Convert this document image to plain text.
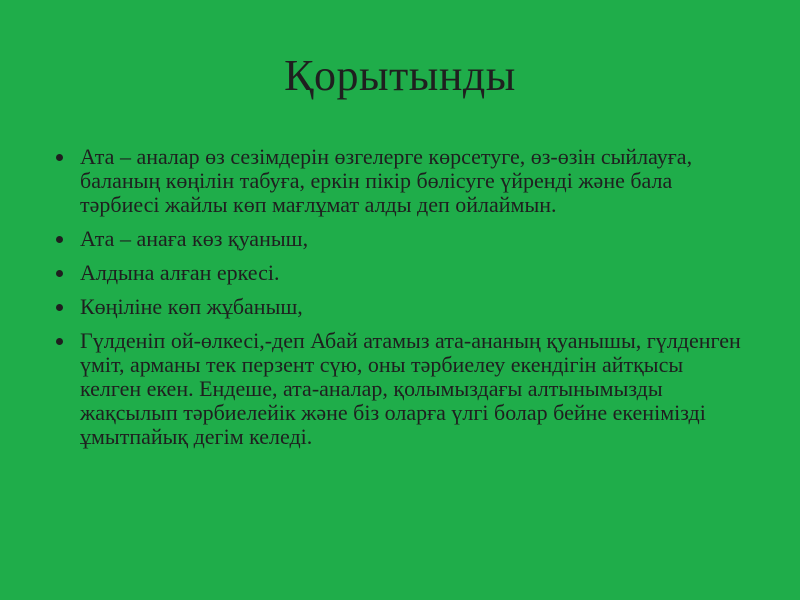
Қорытынды
Ата – аналар өз сезімдерін өзгелерге көрсетуге, өз-өзін сыйлауға, баланың көңілін табуға, еркін пікір бөлісуге үйренді және бала тәрбиесі жайлы көп мағлұмат алды деп ойлаймын.
Ата – анаға көз қуаныш,
Алдына алған еркесі.
Көңіліне көп жұбаныш,
Гүлденіп ой-өлкесі,-деп Абай атамыз ата-ананың қуанышы, гүлденген үміт, арманы тек перзент сүю, оны тәрбиелеу екендігін айтқысы келген екен. Ендеше, ата-аналар, қолымыздағы алтынымызды жақсылып тәрбиелейік және біз оларға үлгі болар бейне екенімізді ұмытпайық дегім келеді.
